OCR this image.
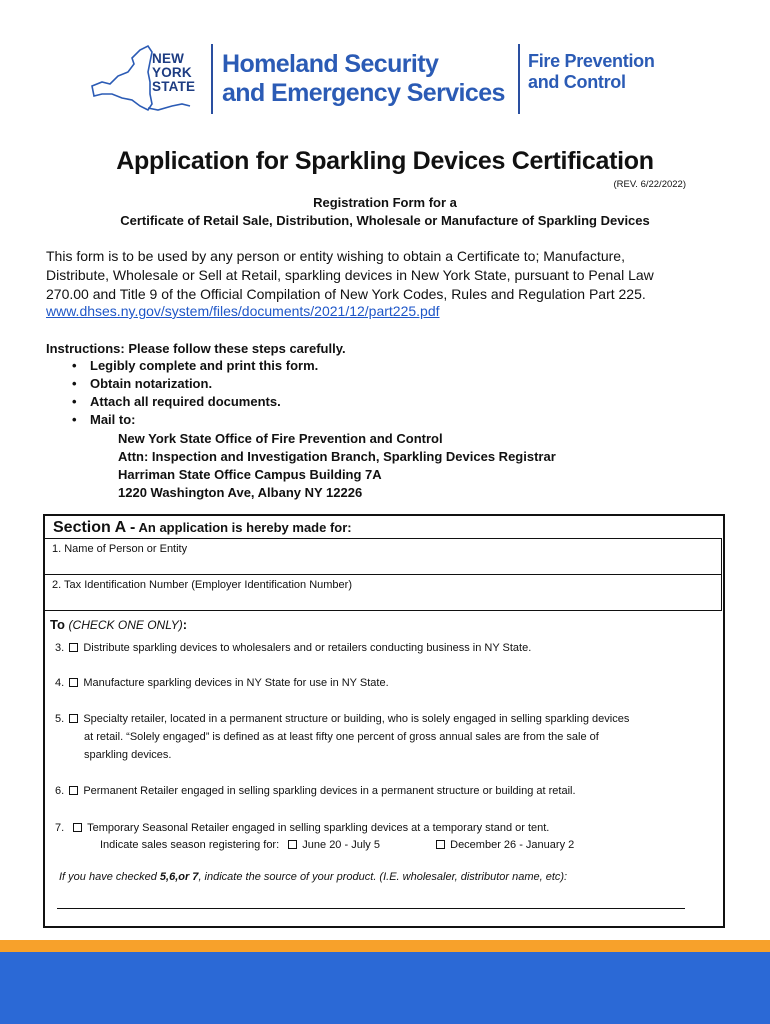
NEW
YORK
STATE
Homeland Security
and Emergency Services
Fire Prevention
and Control
Application for Sparkling Devices Certification
(REV. 6/22/2022)
Registration Form for a
Certificate of Retail Sale, Distribution, Wholesale or Manufacture of Sparkling Devices
This form is to be used by any person or entity wishing to obtain a Certificate to; Manufacture,
Distribute, Wholesale or Sell at Retail, sparkling devices in New York State, pursuant to Penal Law
270.00 and Title 9 of the Official Compilation of New York Codes, Rules and Regulation Part 225.
www.dhses.ny.gov/system/files/documents/2021/12/part225.pdf
Instructions: Please follow these steps carefully.
• Legibly complete and print this form.
• Obtain notarization.
• Attach all required documents.
• Mail to:
New York State Office of Fire Prevention and Control
Attn: Inspection and Investigation Branch, Sparkling Devices Registrar
Harriman State Office Campus Building 7A
1220 Washington Ave, Albany NY 12226
Section A - An application is hereby made for:
1. Name of Person or Entity
2. Tax Identification Number (Employer Identification Number)
To (CHECK ONE ONLY):
3. Distribute sparkling devices to wholesalers and or retailers conducting business in NY State.
4. Manufacture sparkling devices in NY State for use in NY State.
5. Specialty retailer, located in a permanent structure or building, who is solely engaged in selling sparkling devices
at retail. “Solely engaged” is defined as at least fifty one percent of gross annual sales are from the sale of
sparkling devices.
6. Permanent Retailer engaged in selling sparkling devices in a permanent structure or building at retail.
7. Temporary Seasonal Retailer engaged in selling sparkling devices at a temporary stand or tent.
Indicate sales season registering for: June 20 - July 5	December 26 - January 2
If you have checked 5,6,or 7, indicate the source of your product. (I.E. wholesaler, distributor name, etc):
